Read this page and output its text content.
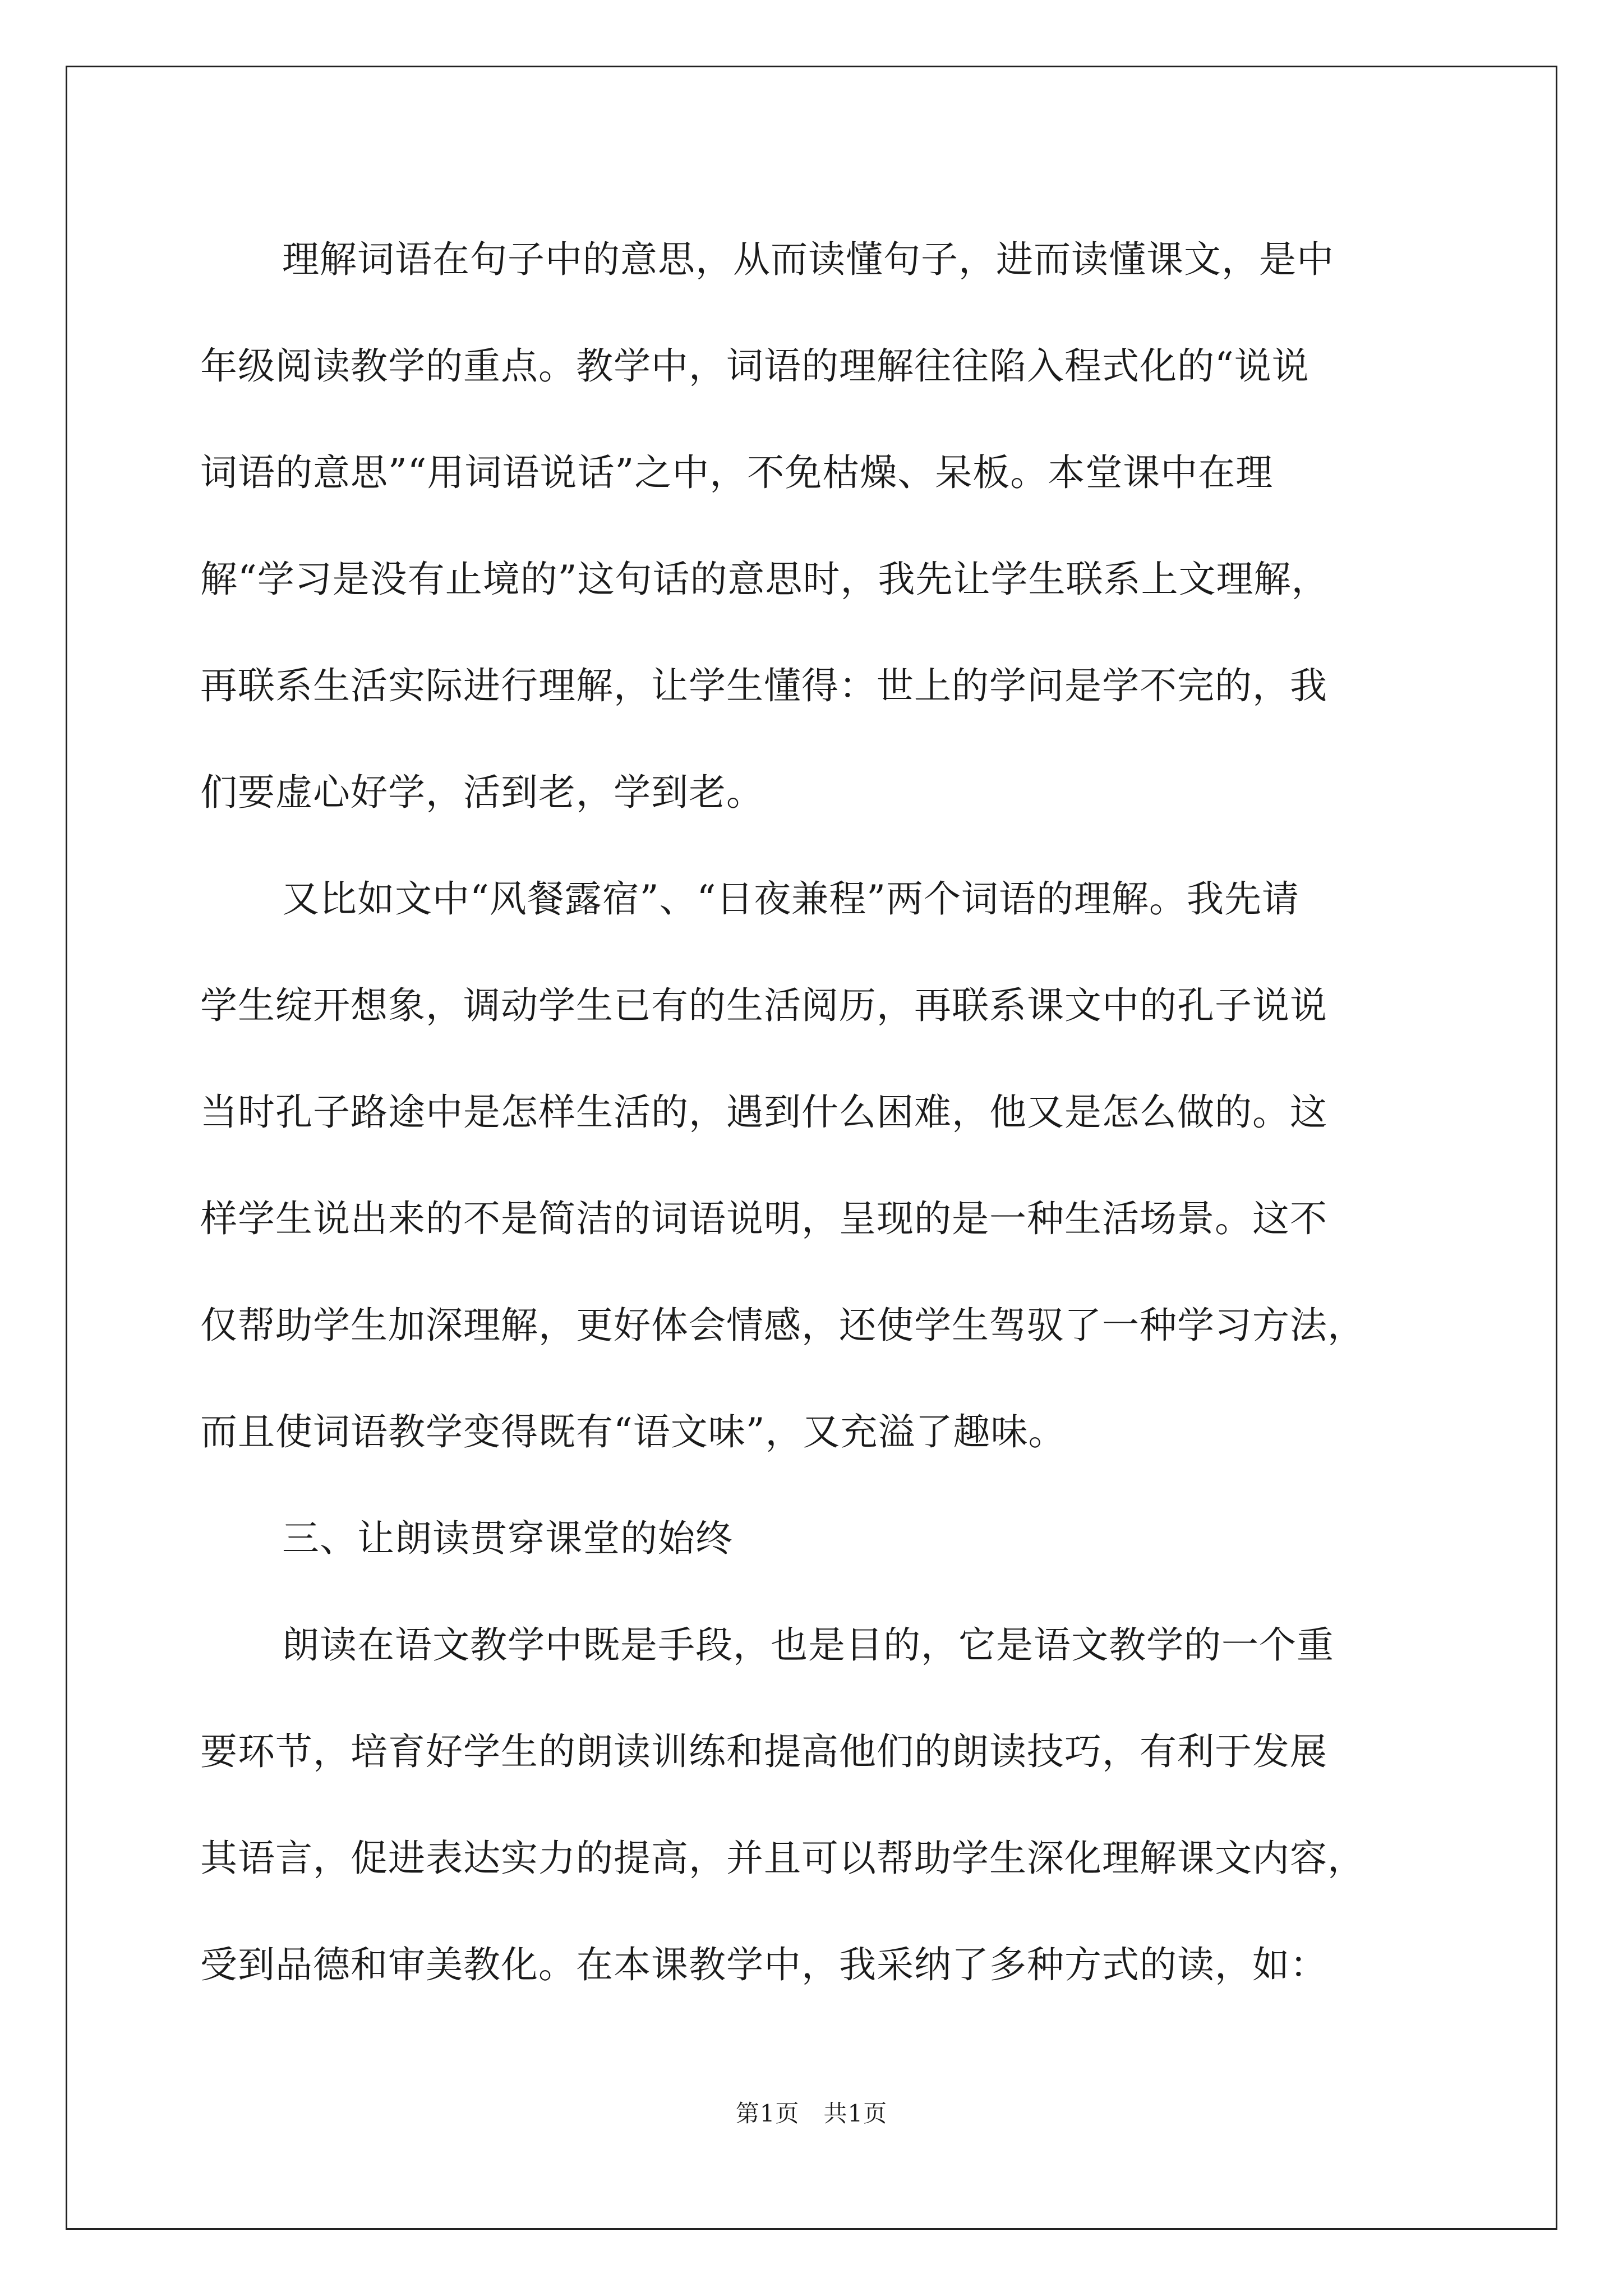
理解词语在句子中的意思，从而读懂句子，进而读懂课文，是中
年级阅读教学的重点。教学中，词语的理解往往陷入程式化的“说说
词语的意思”“用词语说话”之中，不免枯燥、呆板。本堂课中在理
解“学习是没有止境的”这句话的意思时，我先让学生联系上文理解，
再联系生活实际进行理解，让学生懂得：世上的学问是学不完的，我
们要虚心好学，活到老，学到老。
又比如文中“风餐露宿”、“日夜兼程”两个词语的理解。我先请
学生绽开想象，调动学生已有的生活阅历，再联系课文中的孔子说说
当时孔子路途中是怎样生活的，遇到什么困难，他又是怎么做的。这
样学生说出来的不是简洁的词语说明，呈现的是一种生活场景。这不
仅帮助学生加深理解，更好体会情感，还使学生驾驭了一种学习方法，
而且使词语教学变得既有“语文味”，又充溢了趣味。
三、让朗读贯穿课堂的始终
朗读在语文教学中既是手段，也是目的，它是语文教学的一个重
要环节，培育好学生的朗读训练和提高他们的朗读技巧，有利于发展
其语言，促进表达实力的提高，并且可以帮助学生深化理解课文内容，
受到品德和审美教化。在本课教学中，我采纳了多种方式的读，如：
第1页　共1页
